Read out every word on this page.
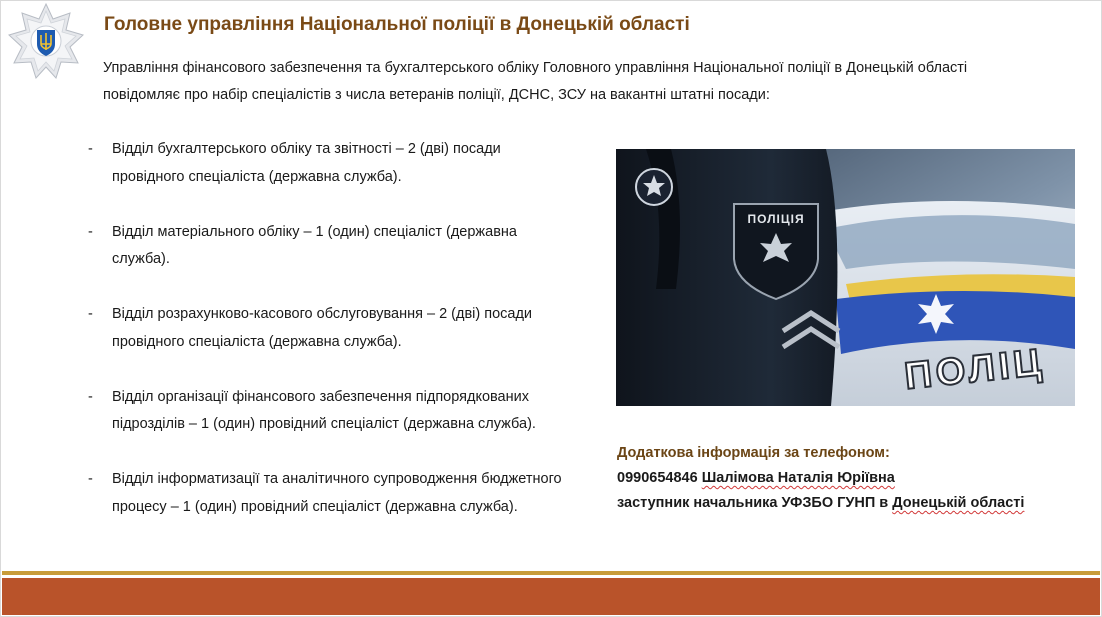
Головне управління Національної поліції в Донецькій області
Управління фінансового забезпечення та бухгалтерського обліку Головного управління Національної поліції в Донецькій області
повідомляє про набір спеціалістів з числа ветеранів поліції, ДСНС, ЗСУ на вакантні штатні посади:
- Відділ бухгалтерського обліку та звітності – 2 (дві) посади
провідного спеціаліста (державна служба).
- Відділ матеріального обліку – 1 (один) спеціаліст (державна
служба).
- Відділ розрахунково-касового обслуговування – 2 (дві) посади
провідного спеціаліста (державна служба).
- Відділ організації фінансового забезпечення підпорядкованих
підрозділів – 1 (один) провідний спеціаліст (державна служба).
- Відділ інформатизації та аналітичного супроводження бюджетного
процесу – 1 (один) провідний спеціаліст (державна служба).
ПОЛІЦ
ПОЛІЦІЯ
Додаткова інформація за телефоном:
0990654846 Шалімова Наталія Юріївна
заступник начальника УФЗБО ГУНП в Донецькій області
